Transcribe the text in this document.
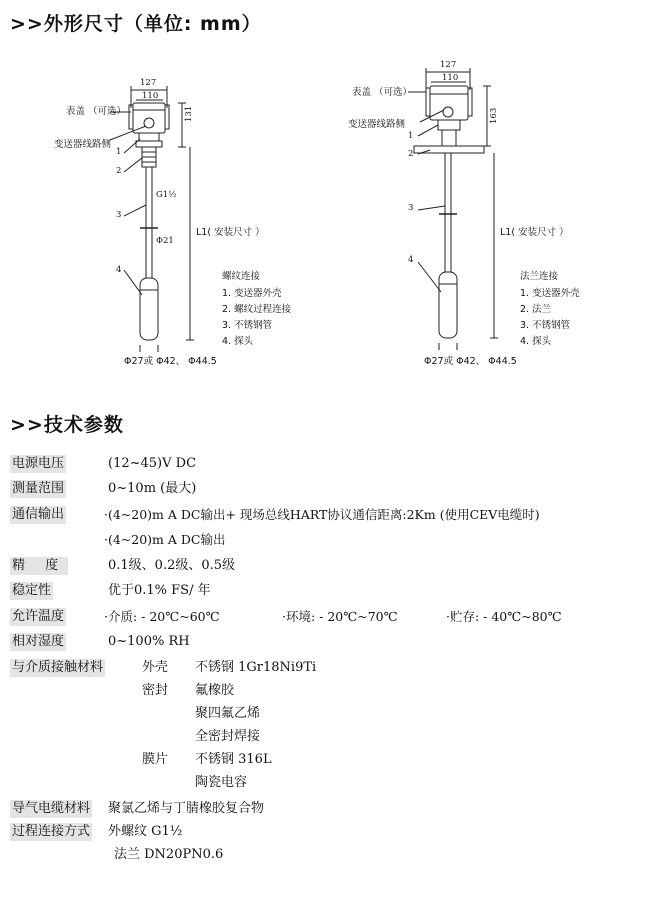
>>外形尺寸（单位: mm）
127
110
131
表盖 （可选）
变送器线路侧
1
2
3
4
G1½
Φ21
L1( 安装尺寸 ）
螺纹连接
1. 变送器外壳
2. 螺纹过程连接
3. 不锈钢管
4. 探头
Φ27或 Φ42、 Φ44.5
127
110
163
表盖 （可选）
变送器线路侧
1
2
3
4
L1( 安装尺寸 ）
法兰连接
1. 变送器外壳
2. 法兰
3. 不锈钢管
4. 探头
Φ27或 Φ42、 Φ44.5
>>技术参数
电源电压	(12~45)V DC
测量范围	0~10m (最大)
通信输出	·(4~20)m A DC输出+ 现场总线HART协议通信距离:2Km (使用CEV电缆时)
·(4~20)m A DC输出
精 度	0.1级、0.2级、0.5级
稳定性	优于0.1% FS/ 年
允许温度	·介质: - 20℃~60℃	·环境: - 20℃~70℃	·贮存: - 40℃~80℃
相对湿度	0~100% RH
与介质接触材料	外壳 不锈钢 1Gr18Ni9Ti
密封 氟橡胶
聚四氟乙烯
全密封焊接
膜片 不锈钢 316L
陶瓷电容
导气电缆材料 聚氯乙烯与丁腈橡胶复合物
过程连接方式 外螺纹 G1½
法兰 DN20PN0.6
